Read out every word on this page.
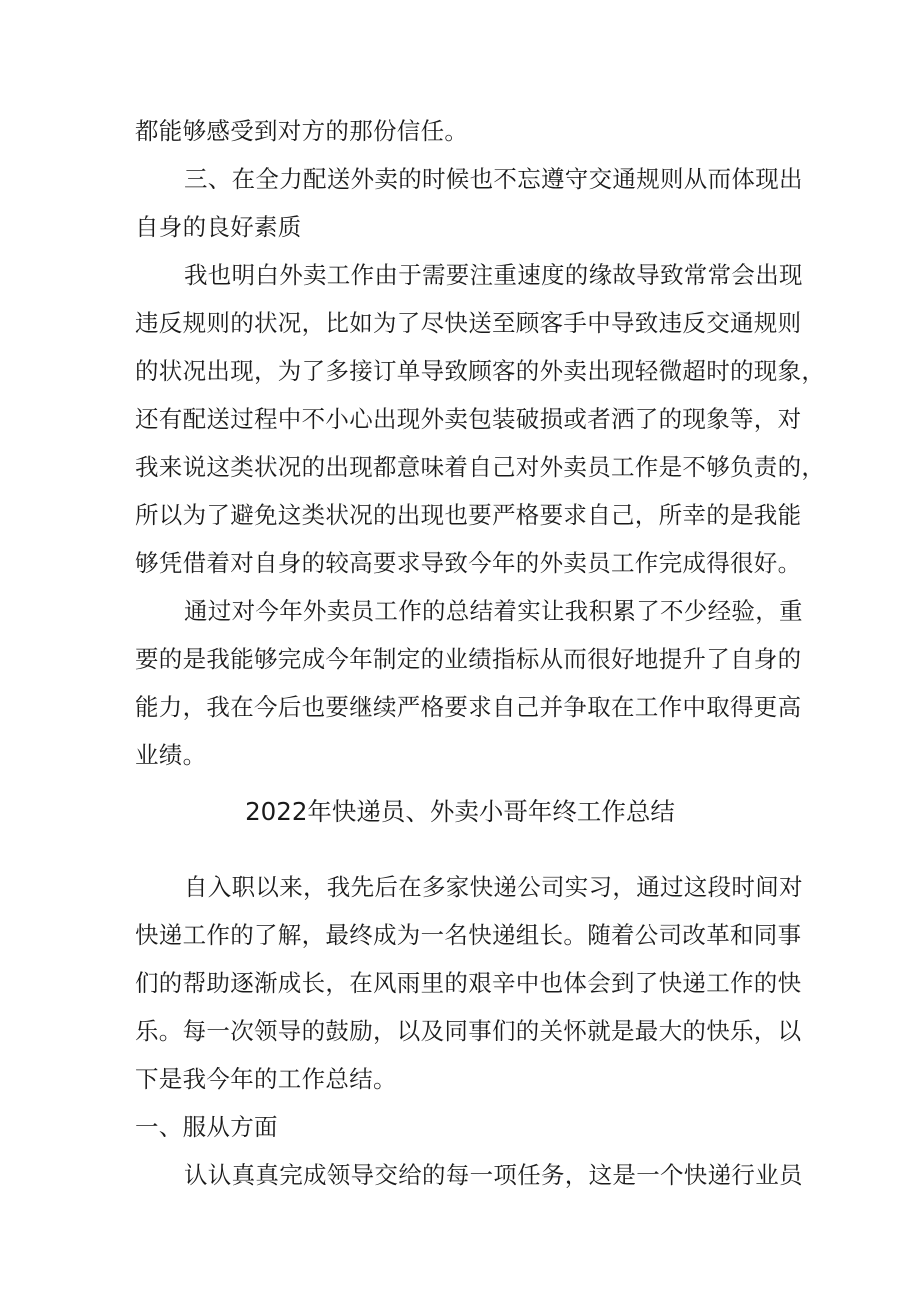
都能够感受到对方的那份信任。
三、在全力配送外卖的时候也不忘遵守交通规则从而体现出
自身的良好素质
我也明白外卖工作由于需要注重速度的缘故导致常常会出现
违反规则的状况，比如为了尽快送至顾客手中导致违反交通规则
的状况出现，为了多接订单导致顾客的外卖出现轻微超时的现象，
还有配送过程中不小心出现外卖包装破损或者洒了的现象等，对
我来说这类状况的出现都意味着自己对外卖员工作是不够负责的，
所以为了避免这类状况的出现也要严格要求自己，所幸的是我能
够凭借着对自身的较高要求导致今年的外卖员工作完成得很好。
通过对今年外卖员工作的总结着实让我积累了不少经验，重
要的是我能够完成今年制定的业绩指标从而很好地提升了自身的
能力，我在今后也要继续严格要求自己并争取在工作中取得更高
业绩。
2022年快递员、外卖小哥年终工作总结
自入职以来，我先后在多家快递公司实习，通过这段时间对
快递工作的了解，最终成为一名快递组长。随着公司改革和同事
们的帮助逐渐成长，在风雨里的艰辛中也体会到了快递工作的快
乐。每一次领导的鼓励，以及同事们的关怀就是最大的快乐，以
下是我今年的工作总结。
一、服从方面
认认真真完成领导交给的每一项任务，这是一个快递行业员
